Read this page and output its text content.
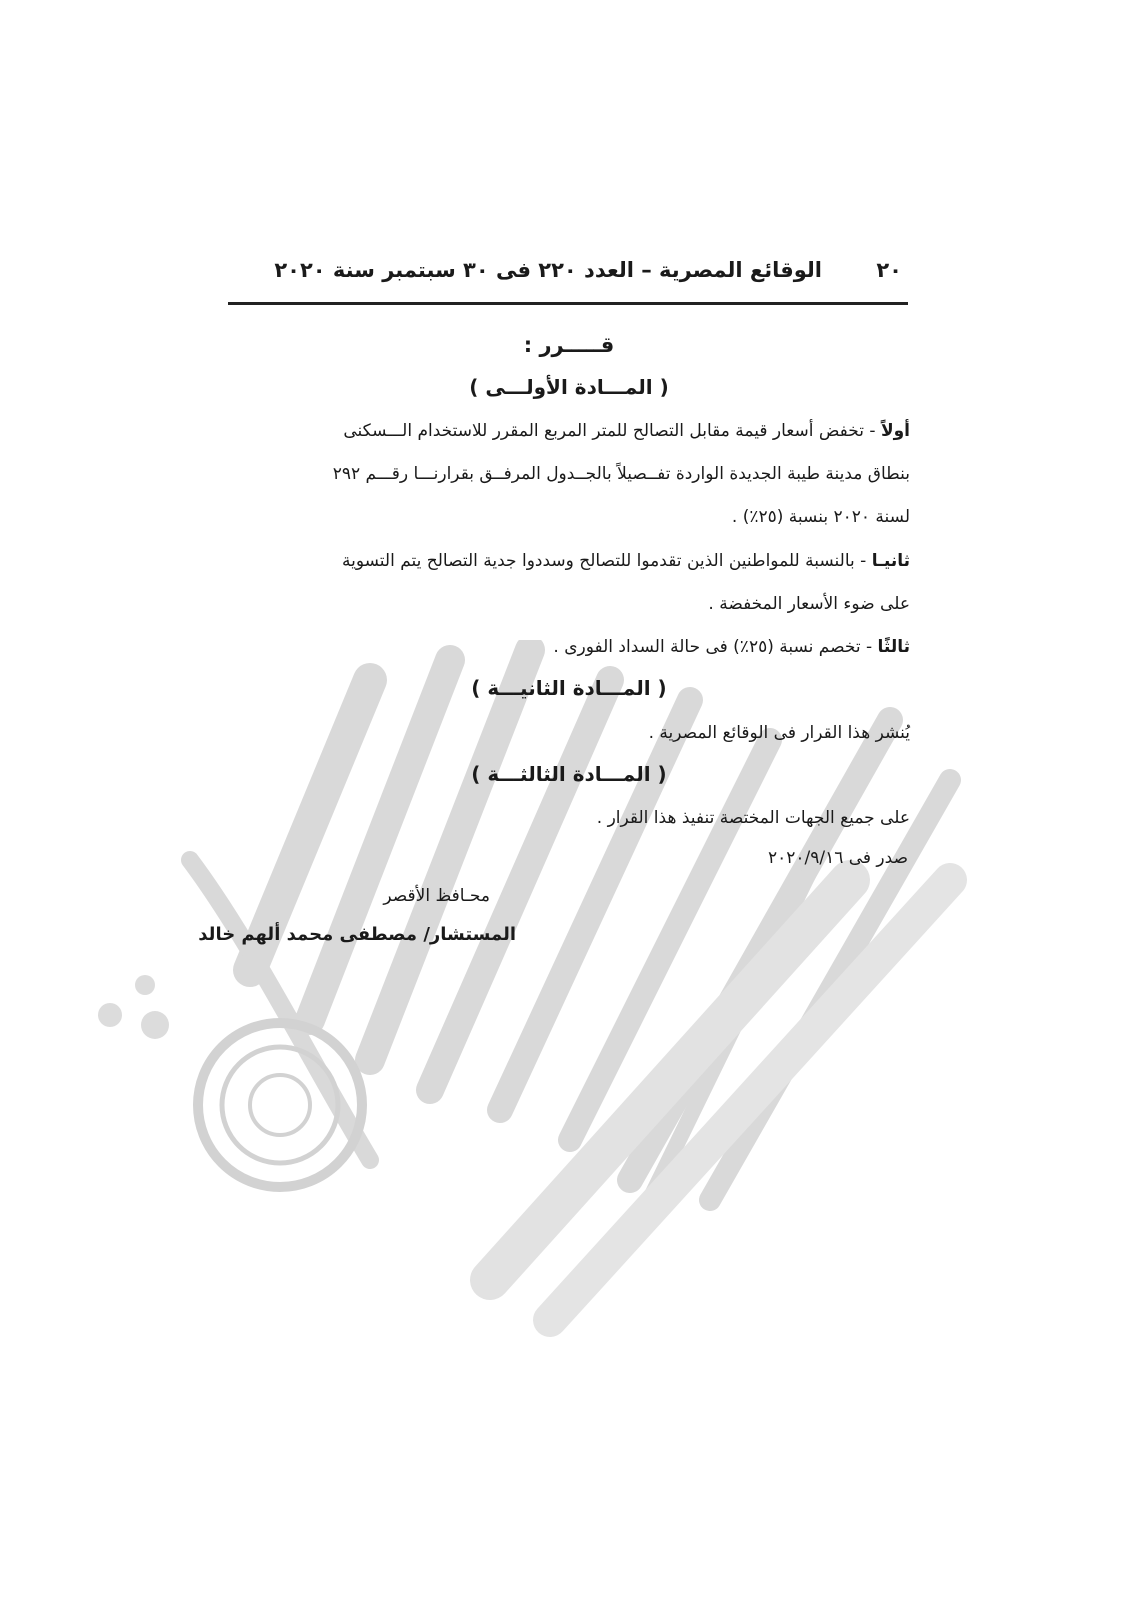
٢٠
الوقائع المصرية – العدد ٢٢٠ فى ٣٠ سبتمبر سنة ٢٠٢٠
قـــــرر :
( المـــادة الأولـــى )
أولاً - تخفض أسعار قيمة مقابل التصالح للمتر المربع المقرر للاستخدام الـــسكنى
بنطاق مدينة طيبة الجديدة الواردة تفــصيلاً بالجــدول المرفــق بقرارنـــا رقـــم ٢٩٢
لسنة ٢٠٢٠ بنسبة (٢٥٪) .
ثانيـا - بالنسبة للمواطنين الذين تقدموا للتصالح وسددوا جدية التصالح يتم التسوية
على ضوء الأسعار المخفضة .
ثالثًا - تخصم نسبة (٢٥٪) فى حالة السداد الفورى .
( المـــادة الثانيـــة )
يُنشر هذا القرار فى الوقائع المصرية .
( المـــادة الثالثـــة )
على جميع الجهات المختصة تنفيذ هذا القرار .
صدر فى ٢٠٢٠/٩/١٦
محـافظ الأقصر
المستشار/ مصطفى محمد ألهم خالد
